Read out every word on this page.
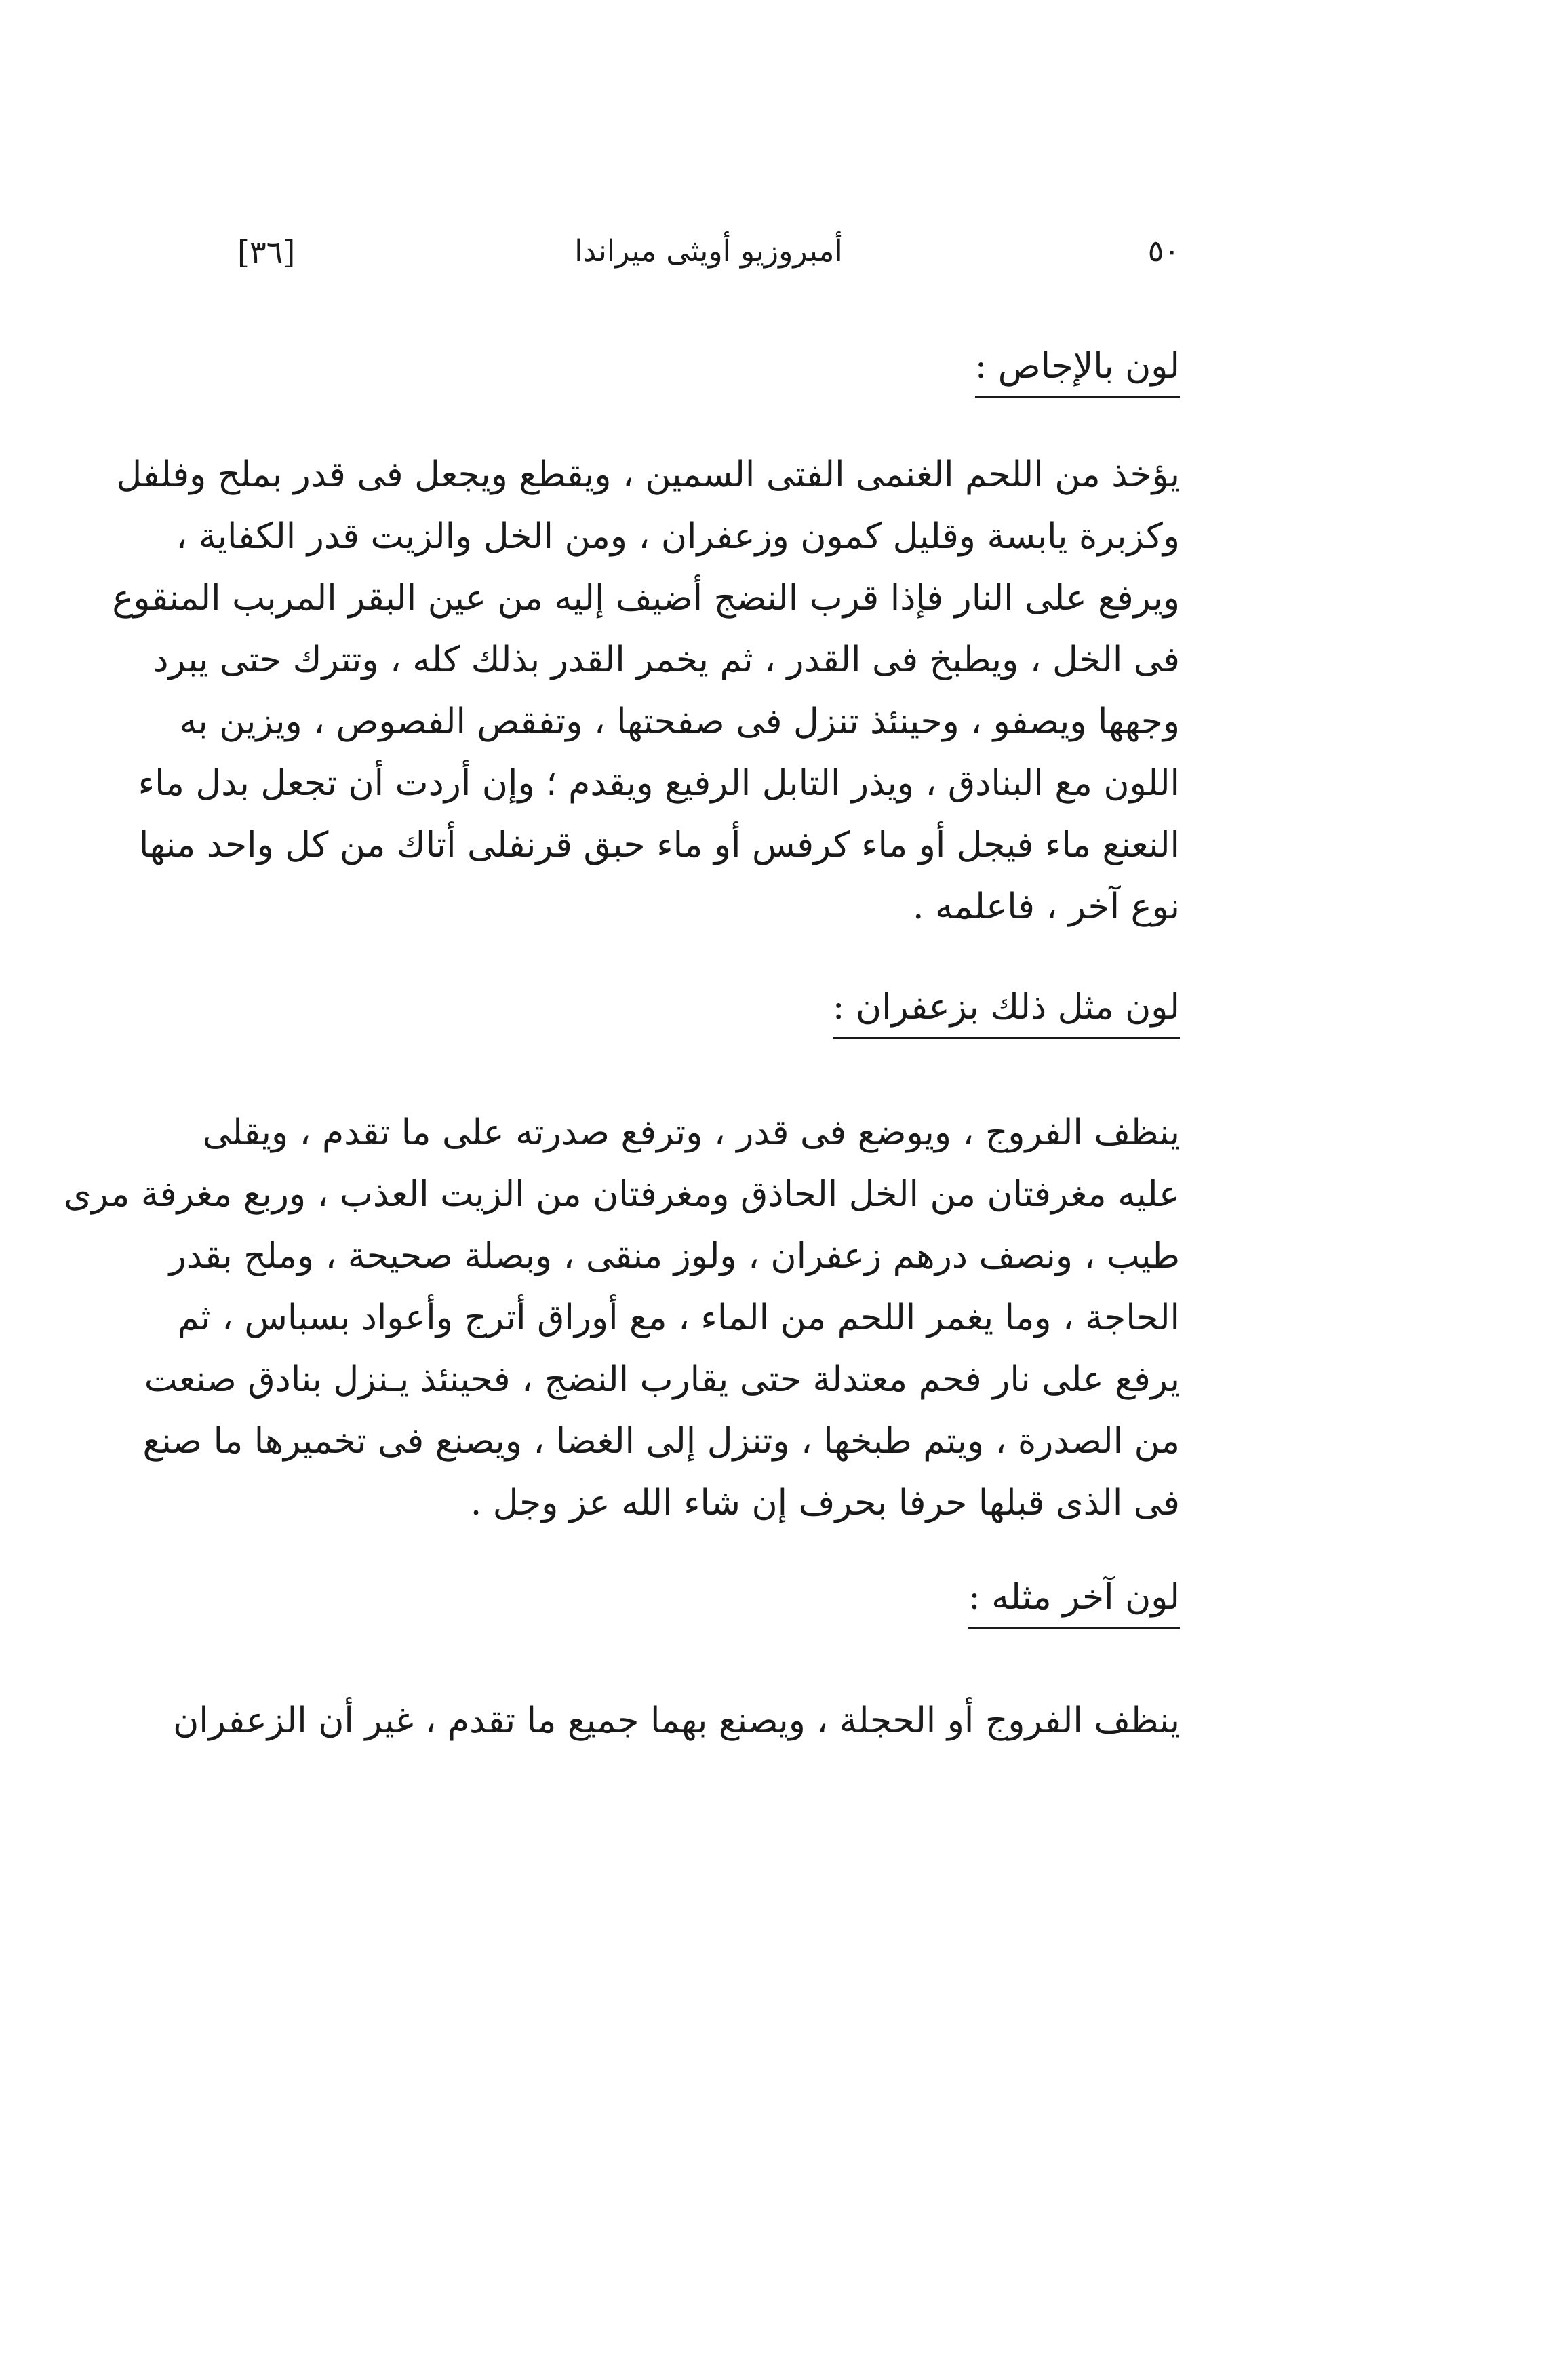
[٣٦]	أمبروزيو أويثى ميراندا	٥٠
لون بالإجاص :

يؤخذ من اللحم الغنمى الفتى السمين ، ويقطع ويجعل فى قدر بملح وفلفل
وكزبرة يابسة وقليل كمون وزعفران ، ومن الخل والزيت قدر الكفاية ،
ويرفع على النار فإذا قرب النضج أضيف إليه من عين البقر المربب المنقوع
فى الخل ، ويطبخ فى القدر ، ثم يخمر القدر بذلك كله ، وتترك حتى يبرد
وجهها ويصفو ، وحينئذ تنزل فى صفحتها ، وتفقص الفصوص ، ويزين به
اللون مع البنادق ، ويذر التابل الرفيع ويقدم ؛ وإن أردت أن تجعل بدل ماء
النعنع ماء فيجل أو ماء كرفس أو ماء حبق قرنفلى أتاك من كل واحد منها
نوع آخر ، فاعلمه .

لون مثل ذلك بزعفران :

ينظف الفروج ، ويوضع فى قدر ، وترفع صدرته على ما تقدم ، ويقلى
عليه مغرفتان من الخل الحاذق ومغرفتان من الزيت العذب ، وربع مغرفة مرى
طيب ، ونصف درهم زعفران ، ولوز منقى ، وبصلة صحيحة ، وملح بقدر
الحاجة ، وما يغمر اللحم من الماء ، مع أوراق أترج وأعواد بسباس ، ثم
يرفع على نار فحم معتدلة حتى يقارب النضج ، فحينئذ يـنزل بنادق صنعت
من الصدرة ، ويتم طبخها ، وتنزل إلى الغضا ، ويصنع فى تخميرها ما صنع
فى الذى قبلها حرفا بحرف إن شاء الله عز وجل .

لون آخر مثله :

ينظف الفروج أو الحجلة ، ويصنع بهما جميع ما تقدم ، غير أن الزعفران
